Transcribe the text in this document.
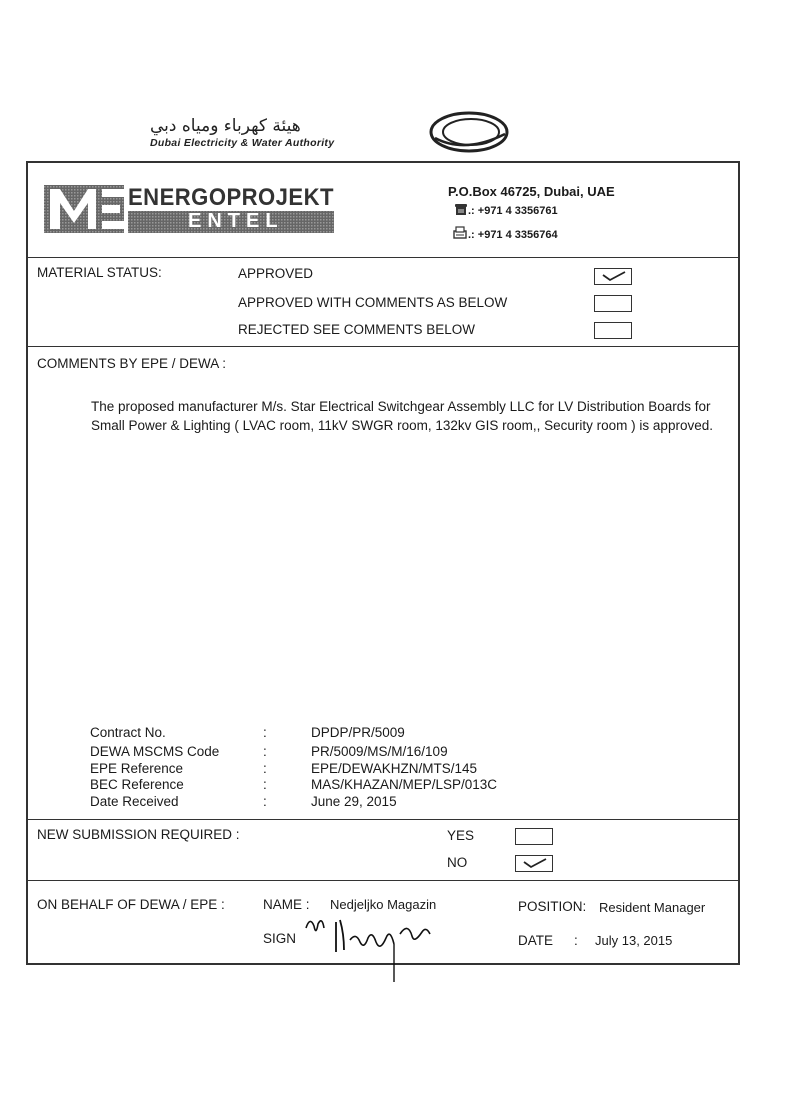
هيئة كهرباء ومياه دبي
Dubai Electricity & Water Authority
ENERGOPROJEKT
ENTEL
P.O.Box 46725, Dubai, UAE
.: +971 4 3356761
.: +971 4 3356764
MATERIAL STATUS:	APPROVED
APPROVED WITH COMMENTS AS BELOW
REJECTED SEE COMMENTS BELOW
COMMENTS BY EPE / DEWA :
The proposed manufacturer M/s. Star Electrical Switchgear Assembly LLC for LV Distribution Boards for Small Power & Lighting ( LVAC room, 11kV SWGR room, 132kv GIS room,, Security room ) is approved.
Contract No.	:	DPDP/PR/5009
DEWA MSCMS Code	:	PR/5009/MS/M/16/109
EPE Reference	:	EPE/DEWAKHZN/MTS/145
BEC Reference	:	MAS/KHAZAN/MEP/LSP/013C
Date Received	:	June 29, 2015
NEW SUBMISSION REQUIRED :	YES
NO
ON BEHALF OF DEWA / EPE :	NAME : Nedjeljko Magazin
SIGN
POSITION: Resident Manager
DATE : July 13, 2015
